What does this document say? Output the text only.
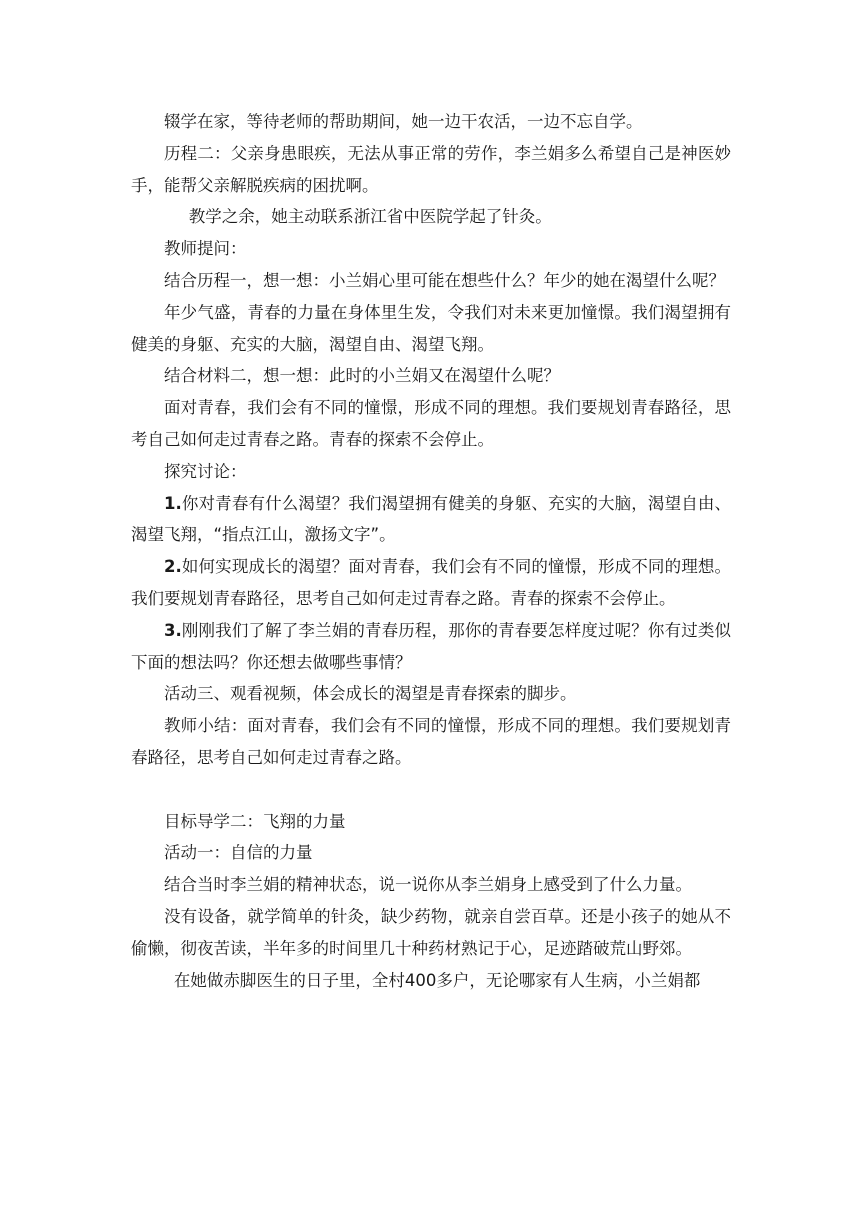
辍学在家，等待老师的帮助期间，她一边干农活，一边不忘自学。

历程二：父亲身患眼疾，无法从事正常的劳作，李兰娟多么希望自己是神医妙手，能帮父亲解脱疾病的困扰啊。

教学之余，她主动联系浙江省中医院学起了针灸。

教师提问：

结合历程一，想一想：小兰娟心里可能在想些什么？年少的她在渴望什么呢？

年少气盛，青春的力量在身体里生发，令我们对未来更加憧憬。我们渴望拥有健美的身躯、充实的大脑，渴望自由、渴望飞翔。

结合材料二，想一想：此时的小兰娟又在渴望什么呢？

面对青春，我们会有不同的憧憬，形成不同的理想。我们要规划青春路径，思考自己如何走过青春之路。青春的探索不会停止。

探究讨论：

1.你对青春有什么渴望？我们渴望拥有健美的身躯、充实的大脑，渴望自由、渴望飞翔，“指点江山，激扬文字”。

2.如何实现成长的渴望？面对青春，我们会有不同的憧憬，形成不同的理想。我们要规划青春路径，思考自己如何走过青春之路。青春的探索不会停止。

3.刚刚我们了解了李兰娟的青春历程，那你的青春要怎样度过呢？你有过类似下面的想法吗？你还想去做哪些事情？

活动三、观看视频，体会成长的渴望是青春探索的脚步。

教师小结：面对青春，我们会有不同的憧憬，形成不同的理想。我们要规划青春路径，思考自己如何走过青春之路。

目标导学二：飞翔的力量

活动一：自信的力量

结合当时李兰娟的精神状态，说一说你从李兰娟身上感受到了什么力量。

没有设备，就学简单的针灸，缺少药物，就亲自尝百草。还是小孩子的她从不偷懒，彻夜苦读，半年多的时间里几十种药材熟记于心，足迹踏破荒山野郊。

在她做赤脚医生的日子里，全村400多户，无论哪家有人生病，小兰娟都
